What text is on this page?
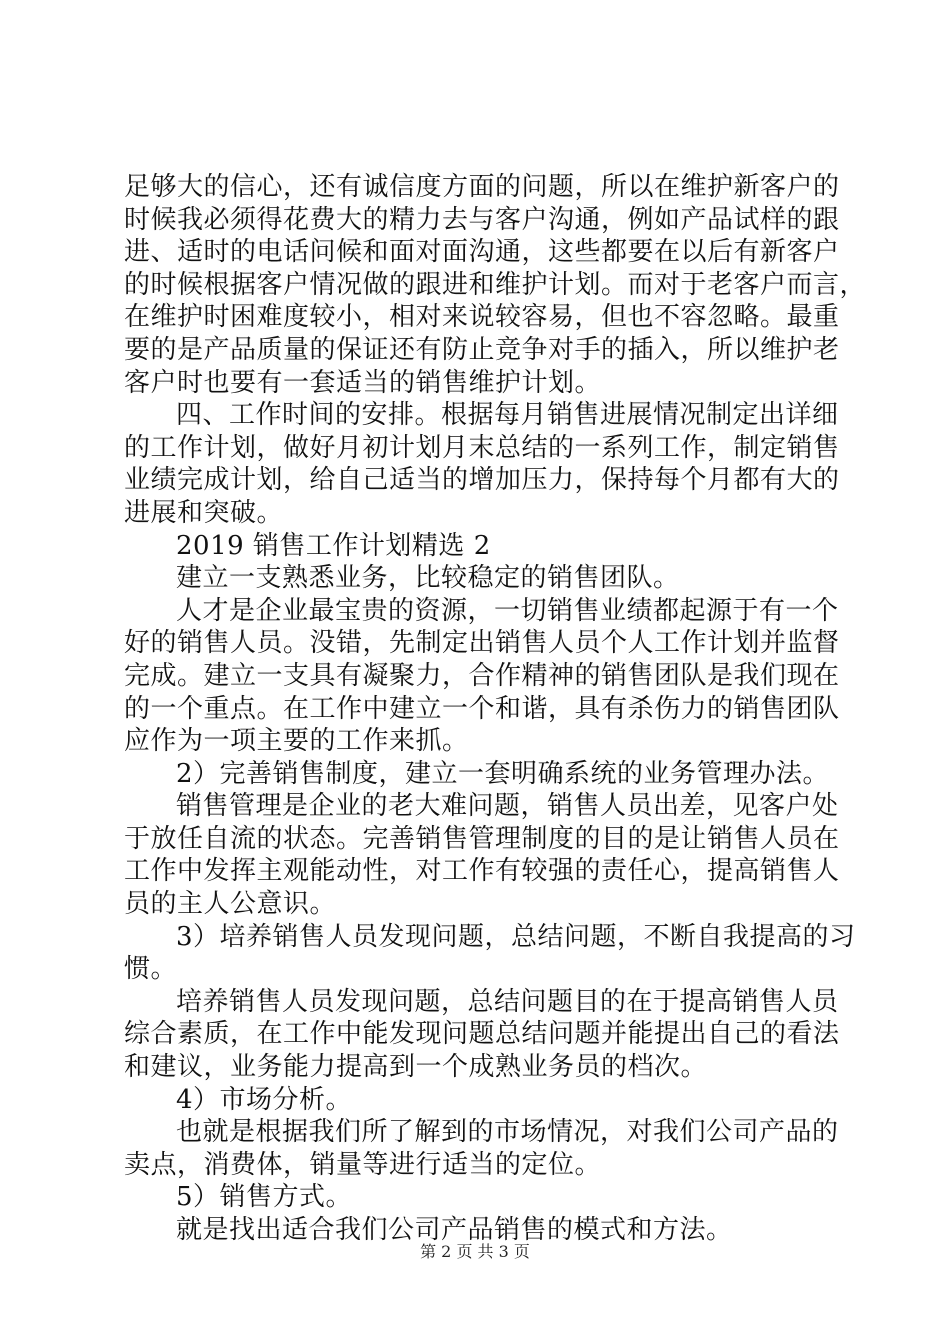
足够大的信心，还有诚信度方面的问题，所以在维护新客户的
时候我必须得花费大的精力去与客户沟通，例如产品试样的跟
进、适时的电话问候和面对面沟通，这些都要在以后有新客户
的时候根据客户情况做的跟进和维护计划。而对于老客户而言，
在维护时困难度较小，相对来说较容易，但也不容忽略。最重
要的是产品质量的保证还有防止竞争对手的插入，所以维护老
客户时也要有一套适当的销售维护计划。
四、工作时间的安排。根据每月销售进展情况制定出详细
的工作计划，做好月初计划月末总结的一系列工作，制定销售
业绩完成计划，给自己适当的增加压力，保持每个月都有大的
进展和突破。
2019 销售工作计划精选 2
建立一支熟悉业务，比较稳定的销售团队。
人才是企业最宝贵的资源，一切销售业绩都起源于有一个
好的销售人员。没错，先制定出销售人员个人工作计划并监督
完成。建立一支具有凝聚力，合作精神的销售团队是我们现在
的一个重点。在工作中建立一个和谐，具有杀伤力的销售团队
应作为一项主要的工作来抓。
2）完善销售制度，建立一套明确系统的业务管理办法。
销售管理是企业的老大难问题，销售人员出差，见客户处
于放任自流的状态。完善销售管理制度的目的是让销售人员在
工作中发挥主观能动性，对工作有较强的责任心，提高销售人
员的主人公意识。
3）培养销售人员发现问题，总结问题，不断自我提高的习
惯。
培养销售人员发现问题，总结问题目的在于提高销售人员
综合素质，在工作中能发现问题总结问题并能提出自己的看法
和建议，业务能力提高到一个成熟业务员的档次。
4）市场分析。
也就是根据我们所了解到的市场情况，对我们公司产品的
卖点，消费体，销量等进行适当的定位。
5）销售方式。
就是找出适合我们公司产品销售的模式和方法。
第 2 页 共 3 页
